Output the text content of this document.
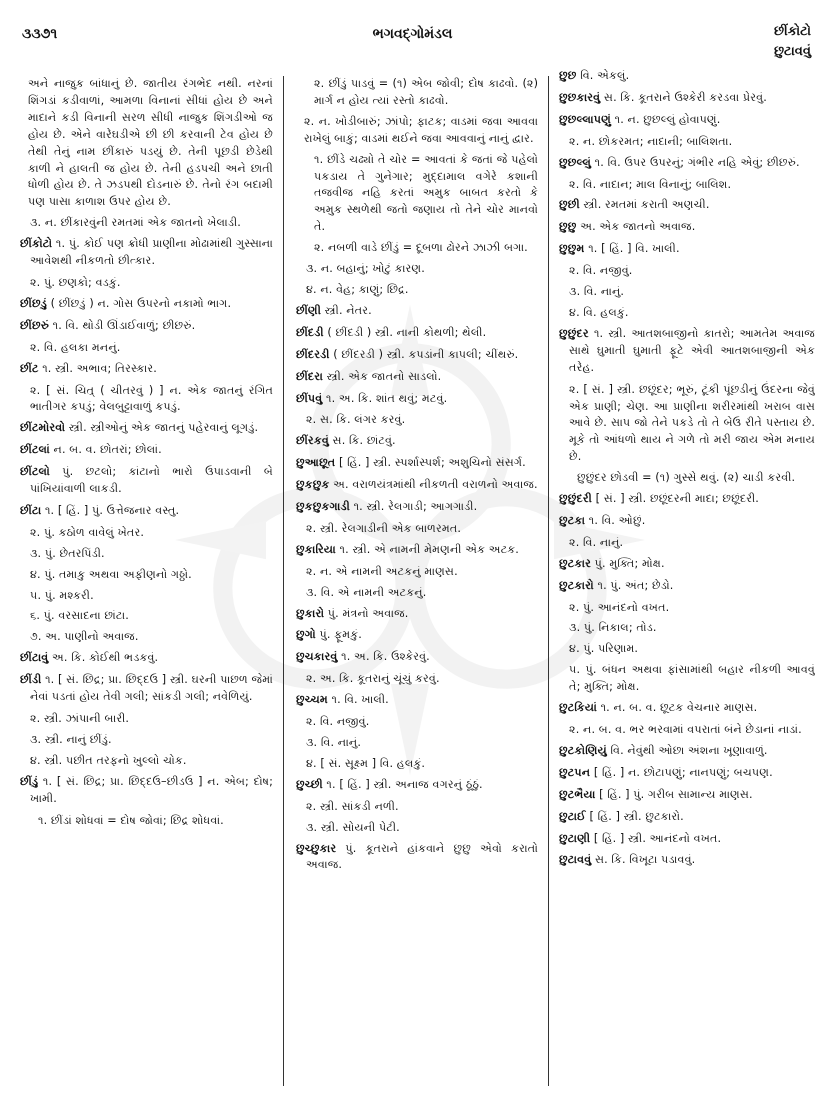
૩૩૭૧	ભગવદ્ગોમંડલ	છીંકોટો
છુટાવવું
અને નાજુક બાંધાનું છે. જાતીય રંગભેદ નથી. નરનાં શિંગડાં કડીવાળાં, આમળા વિનાનાં સીધાં હોય છે અને માદાને કડી વિનાની સરળ સીધી નાજુક શિંગડીઓ જ હોય છે. એને વારેઘડીએ છી છી કરવાની ટેવ હોય છે તેથી તેનું નામ છીંકારું પડયું છે. તેની પૂછડી છેડેથી કાળી ને હાલતી જ હોય છે. તેની હડપચી અને છાતી ધોળી હોય છે. તે ઝડપથી દોડનારું છે. તેનો રંગ બદામી પણ પાસા કાળાશ ઉપર હોય છે.
૩. ન. છીંકારવુંની રમતમાં એક જાતનો ખેલાડી.
છીંકોટો ૧. પું. કોઈ પણ ક્રોધી પ્રાણીના મોઢામાંથી ગુસ્સાના આવેશથી નીકળતો છીત્કાર.
૨. પું. છણકો; વડકું.
છીંછડું ( છીંછડું ) ન. ગોસ ઉપરનો નકામો ભાગ.
છીંછરું ૧. વિ. થોડી ઊંડાઈવાળું; છીછરું.
૨. વિ. હલકા મનનું.
છીંટ ૧. સ્ત્રી. અભાવ; તિરસ્કાર.
૨. [ સં. ચિત્ર્ ( ચીતરવું ) ] ન. એક જાતનું રંગિત ભાતીગર કપડું; વેલબુટ્ટાવાળું કપડું.
છીંટમોરવો સ્ત્રી. સ્ત્રીઓનું એક જાતનું પહેરવાનું લૂગડું.
છીંટલાં ન. બ. વ. છોતરાં; છોલાં.
છીંટલો પું. છટલો; કાંટાનો ભારો ઉપાડવાની બે પાંખિયાંવાળી લાકડી.
છીંટા ૧. [ હિં. ] પું. ઉત્તેજનાર વસ્તુ.
૨. પું. કઠોળ વાવેલું ખેતર.
૩. પું. છેતરપિંડી.
૪. પું. તમાકુ અથવા અફીણનો ગઠ્ઠો.
૫. પું. મશ્કરી.
૬. પું. વરસાદના છાંટા.
૭. અ. પાણીનો અવાજ.
છીંટાવું અ. કિ. કોઈથી ભડકવું.
છીંડી ૧. [ સં. છિદ્ર; પ્રા. છિદ્દઉ ] સ્ત્રી. ઘરની પાછળ જેમાં નેવાં પડતાં હોય તેવી ગલી; સાંકડી ગલી; નવેળિયું.
૨. સ્ત્રી. ઝાંપાની બારી.
૩. સ્ત્રી. નાનું છીંડું.
૪. સ્ત્રી. પછીત તરફનો ખુલ્લો ચોક.
છીંડું ૧. [ સં. છિદ્ર; પ્રા. છિદ્દઉ–છીડઉ ] ન. એબ; દોષ; ખામી.
૧. છીંડાં શોધવાં = દોષ જોવાં; છિદ્ર શોધવાં.
૨. છીંડું પાડવું = (૧) એબ જોવી; દોષ કાઢવો. (૨) માર્ગ ન હોય ત્યાં રસ્તો કાઢવો.
૨. ન. ખોડીબારું; ઝાંપો; ફાટક; વાડમાં જવા આવવા રાખેલું બાકું; વાડમાં થઈને જવા આવવાનું નાનું દ્વાર.
૧. છીંડે ચઢ્યો તે ચોર = આવતાં કે જતાં જે પહેલો પકડાય તે ગુનેગાર; મુદ્દામાલ વગેરે કશાની તજવીજ નહિ કરતાં અમુક બાબત કરતો કે અમુક સ્થળેથી જતો જણાય તો તેને ચોર માનવો તે.
૨. નબળી વાડે છીંડું = દૂબળા ઢોરને ઝાઝી બગા.
૩. ન. બહાનું; ખોટું કારણ.
૪. ન. વેહ; કાણું; છિદ્ર.
છીંણી સ્ત્રી. નેતર.
છીંદડી ( છીંદડી ) સ્ત્રી. નાની કોથળી; થેલી.
છીંદરડી ( છીંદરડી ) સ્ત્રી. કપડાંની કાપલી; ચીંથરું.
છીંદરા સ્ત્રી. એક જાતનો સાડલો.
છીંપવું ૧. અ. કિ. શાંત થવું; મટવું.
૨. સ. કિ. લંગર કરવું.
છીંરકવું સ. કિ. છાંટવું.
છુઆછૂત [ હિં. ] સ્ત્રી. સ્પર્શાસ્પર્શ; અશુચિનો સંસર્ગ.
છુકછુક અ. વરાળયંત્રમાંથી નીકળતી વરાળનો અવાજ.
છુકછુકગાડી ૧. સ્ત્રી. રેલગાડી; આગગાડી.
૨. સ્ત્રી. રેલગાડીની એક બાળરમત.
છુકારિયા ૧. સ્ત્રી. એ નામની મેમણની એક અટક.
૨. ન. એ નામની અટકનું માણસ.
૩. વિ. એ નામની અટકનું.
છુકારો પું. મંત્રનો અવાજ.
છુગો પું. ફૂમકું.
છુચકારવું ૧. અ. કિ. ઉશ્કેરવું.
૨. અ. કિ. કૂતરાનું ચૂંચું કરવું.
છુચ્ચમ ૧. વિ. ખાલી.
૨. વિ. નજીવું.
૩. વિ. નાનું.
૪. [ સં. સૂક્ષ્મ ] વિ. હલકું.
છુચ્છી ૧. [ હિં. ] સ્ત્રી. અનાજ વગરનું ઠૂંઠું.
૨. સ્ત્રી. સાંકડી નળી.
૩. સ્ત્રી. સોયની પેટી.
છુચ્છુકાર પું. કૂતરાને હાંકવાને છુછુ એવો કરાતો અવાજ.
છુછ વિ. એકલું.
છુછકારવું સ. કિ. કૂતરાને ઉશ્કેરી કરડવા પ્રેરવું.
છુછલ્લાપણું ૧. ન. છુછલ્લું હોવાપણું.
૨. ન. છોકરમત; નાદાની; બાલિશતા.
છુછલ્લું ૧. વિ. ઉપર ઉપરનું; ગંભીર નહિ એવું; છીછરું.
૨. વિ. નાદાન; માલ વિનાનું; બાલિશ.
છુછી સ્ત્રી. રમતમાં કરાતી અણચી.
છુછુ અ. એક જાતનો અવાજ.
છુછુમ ૧. [ હિં. ] વિ. ખાલી.
૨. વિ. નજીવું.
૩. વિ. નાનું.
૪. વિ. હલકું.
છુછુંદર ૧. સ્ત્રી. આતશબાજીનો કાતરો; આમતેમ અવાજ સાથે ઘુમાતી ઘુમાતી ફૂટે એવી આતશબાજીની એક તરેહ.
૨. [ સં. ] સ્ત્રી. છછૂંદર; ભૂરું, ટૂંકી પૂંછડીનું ઉંદરના જેવું એક પ્રાણી; ચેણ. આ પ્રાણીના શરીરમાંથી ખરાબ વાસ આવે છે. સાપ જો તેને પકડે તો તે બેઉ રીતે પસ્તાય છે. મૂકે તો આંધળો થાય ને ગળે તો મરી જાય એમ મનાય છે.
છુછુંદર છોડવી = (૧) ગુસ્સે થવું. (૨) ચાડી કરવી.
છુછુંદરી [ સં. ] સ્ત્રી. છછૂંદરની માદા; છછૂંદરી.
છુટકા ૧. વિ. ઓછું.
૨. વિ. નાનું.
છુટકાર પું. મુક્તિ; મોક્ષ.
છુટકારો ૧. પું. અંત; છેડો.
૨. પું. આનંદનો વખત.
૩. પું. નિકાલ; તોડ.
૪. પું. પરિણામ.
૫. પું. બંધન અથવા ફાંસામાંથી બહાર નીકળી આવવું તે; મુક્તિ; મોક્ષ.
છુટકિયાં ૧. ન. બ. વ. છૂટક વેચનાર માણસ.
૨. ન. બ. વ. ભર ભરવામાં વપરાતાં બંને છેડાનાં નાડાં.
છુટકોણિયું વિ. નેવુંથી ઓછા અંશના ખૂણાવાળું.
છુટપન [ હિં. ] ન. છોટાપણું; નાનપણું; બચપણ.
છુટભૈયા [ હિં. ] પું. ગરીબ સામાન્ય માણસ.
છુટાઈ [ હિં. ] સ્ત્રી. છુટકારો.
છુટાણી [ હિં. ] સ્ત્રી. આનંદનો વખત.
છુટાવવું સ. કિ. વિખૂટા પડાવવું.
